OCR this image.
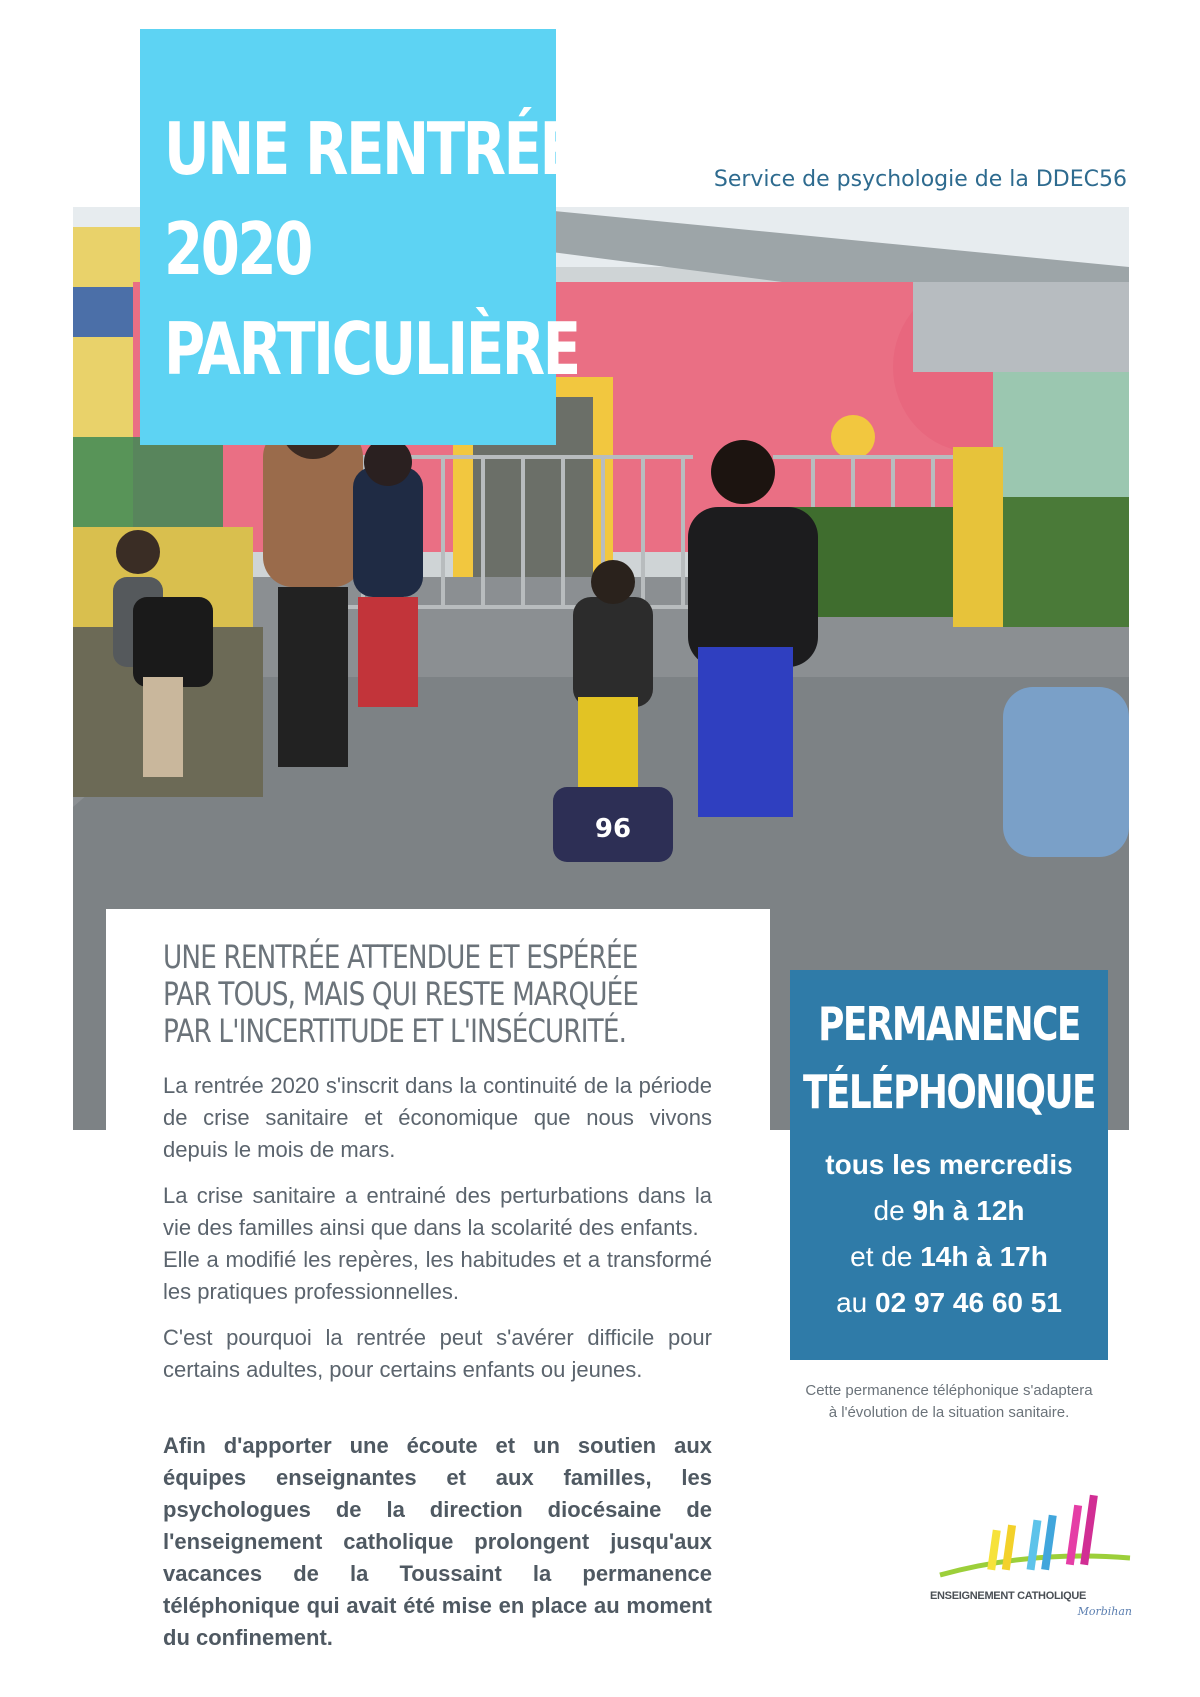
96
UNE RENTRÉE
2020
PARTICULIÈRE
Service de psychologie de la DDEC56

UNE RENTRÉE ATTENDUE ET ESPÉRÉE PAR TOUS, MAIS QUI RESTE MARQUÉE PAR L'INCERTITUDE ET L'INSÉCURITÉ.

La rentrée 2020 s'inscrit dans la continuité de la période de crise sanitaire et économique que nous vivons depuis le mois de mars.

La crise sanitaire a entrainé des perturbations dans la vie des familles ainsi que dans la scolarité des enfants.

Elle a modifié les repères, les habitudes et a transformé les pratiques professionnelles.

C'est pourquoi la rentrée peut s'avérer difficile pour certains adultes, pour certains enfants ou jeunes.

Afin d'apporter une écoute et un soutien aux équipes enseignantes et aux familles, les psychologues de la direction diocésaine de l'enseignement catholique prolongent jusqu'aux vacances de la Toussaint la permanence téléphonique qui avait été mise en place au moment du confinement.

PERMANENCE
TÉLÉPHONIQUE
tous les mercredis
de 9h à 12h
et de 14h à 17h
au 02 97 46 60 51
Cette permanence téléphonique s'adaptera
à l'évolution de la situation sanitaire.
ENSEIGNEMENT CATHOLIQUE
Morbihan
